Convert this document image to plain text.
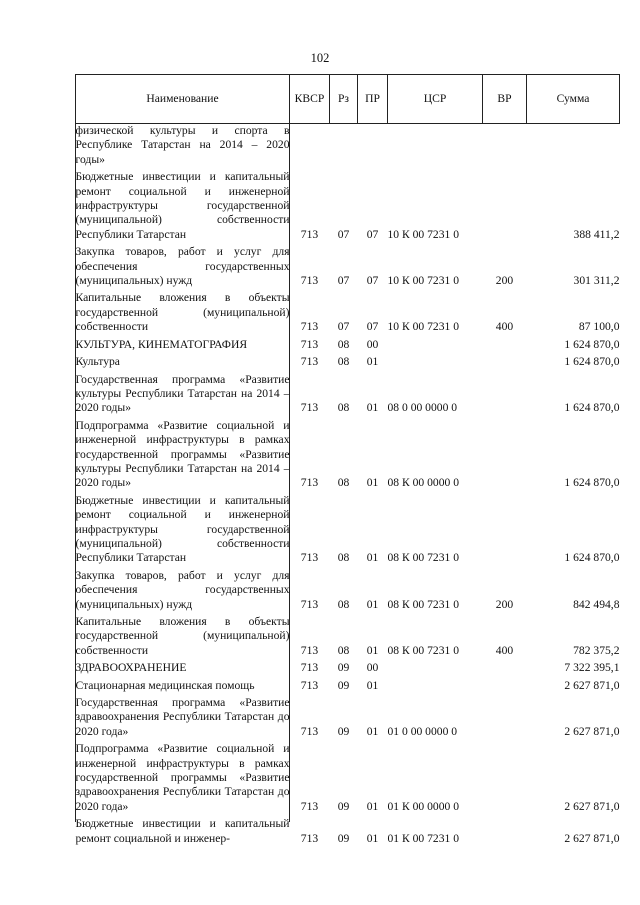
102
Наименование	КВСР	Рз	ПР	ЦСР	ВР	Сумма
физической культуры и спорта в Республике Татарстан на 2014 – 2020 годы»						
Бюджетные инвестиции и капитальный ремонт социальной и инженерной инфраструктуры государственной (муниципальной) собственности Республики Татарстан	713	07	07	10 К 00 7231 0		388 411,2
Закупка товаров, работ и услуг для обеспечения государственных (муниципальных) нужд	713	07	07	10 К 00 7231 0	200	301 311,2
Капитальные вложения в объекты государственной (муниципальной) собственности	713	07	07	10 К 00 7231 0	400	87 100,0
КУЛЬТУРА, КИНЕМАТОГРАФИЯ	713	08	00			1 624 870,0
Культура	713	08	01			1 624 870,0
Государственная программа «Развитие культуры Республики Татарстан на 2014 – 2020 годы»	713	08	01	08 0 00 0000 0		1 624 870,0
Подпрограмма «Развитие социальной и инженерной инфраструктуры в рамках государственной программы «Развитие культуры Республики Татарстан на 2014 – 2020 годы»	713	08	01	08 К 00 0000 0		1 624 870,0
Бюджетные инвестиции и капитальный ремонт социальной и инженерной инфраструктуры государственной (муниципальной) собственности Республики Татарстан	713	08	01	08 К 00 7231 0		1 624 870,0
Закупка товаров, работ и услуг для обеспечения государственных (муниципальных) нужд	713	08	01	08 К 00 7231 0	200	842 494,8
Капитальные вложения в объекты государственной (муниципальной) собственности	713	08	01	08 К 00 7231 0	400	782 375,2
ЗДРАВООХРАНЕНИЕ	713	09	00			7 322 395,1
Стационарная медицинская помощь	713	09	01			2 627 871,0
Государственная программа «Развитие здравоохранения Республики Татарстан до 2020 года»	713	09	01	01 0 00 0000 0		2 627 871,0
Подпрограмма «Развитие социальной и инженерной инфраструктуры в рамках государственной программы «Развитие здравоохранения Республики Татарстан до 2020 года»	713	09	01	01 К 00 0000 0		2 627 871,0
Бюджетные инвестиции и капитальный ремонт социальной и инженер-	713	09	01	01 К 00 7231 0		2 627 871,0
